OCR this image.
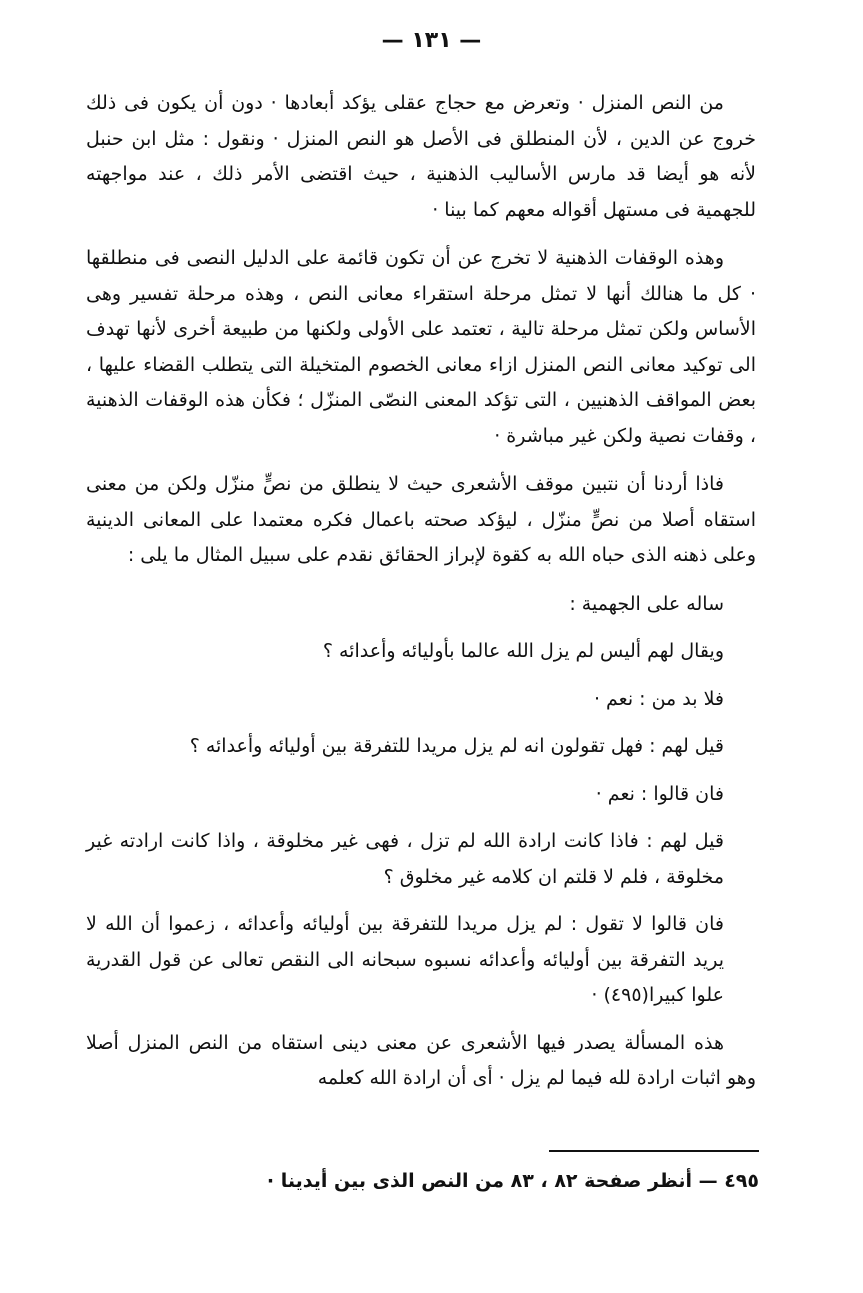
— ١٣١ —

من النص المنزل · وتعرض مع حجاج عقلى يؤكد أبعادها · دون أن يكون فى ذلك خروج عن الدين ، لأن المنطلق فى الأصل هو النص المنزل · ونقول : مثل ابن حنبل لأنه هو أيضا قد مارس الأساليب الذهنية ، حيث اقتضى الأمر ذلك ، عند مواجهته للجهمية فى مستهل أقواله معهم كما بينا ·

وهذه الوقفات الذهنية لا تخرج عن أن تكون قائمة على الدليل النصى فى منطلقها · كل ما هنالك أنها لا تمثل مرحلة استقراء معانى النص ، وهذه مرحلة تفسير وهى الأساس ولكن تمثل مرحلة تالية ، تعتمد على الأولى ولكنها من طبيعة أخرى لأنها تهدف الى توكيد معانى النص المنزل ازاء معانى الخصوم المتخيلة التى يتطلب القضاء عليها ، بعض المواقف الذهنيين ، التى تؤكد المعنى النصّى المنزّل ؛ فكأن هذه الوقفات الذهنية ، وقفات نصية ولكن غير مباشرة ·

فاذا أردنا أن نتبين موقف الأشعرى حيث لا ينطلق من نصٍّ منزّل ولكن من معنى استقاه أصلا من نصٍّ منزّل ، ليؤكد صحته باعمال فكره معتمدا على المعانى الدينية وعلى ذهنه الذى حباه الله به كقوة لإبراز الحقائق نقدم على سبيل المثال ما يلى :

ساله على الجهمية :

ويقال لهم أليس لم يزل الله عالما بأوليائه وأعدائه ؟

فلا بد من : نعم ·

قيل لهم : فهل تقولون انه لم يزل مريدا للتفرقة بين أوليائه وأعدائه ؟

فان قالوا : نعم ·

قيل لهم : فاذا كانت ارادة الله لم تزل ، فهى غير مخلوقة ، واذا كانت ارادته غير مخلوقة ، فلم لا قلتم ان كلامه غير مخلوق ؟

فان قالوا لا تقول : لم يزل مريدا للتفرقة بين أوليائه وأعدائه ، زعموا أن الله لا يريد التفرقة بين أوليائه وأعدائه نسبوه سبحانه الى النقص تعالى عن قول القدرية علوا كبيرا(٤٩٥) ·

هذه المسألة يصدر فيها الأشعرى عن معنى دينى استقاه من النص المنزل أصلا وهو اثبات ارادة لله فيما لم يزل · أى أن ارادة الله كعلمه

٤٩٥ — أنظر صفحة ٨٢ ، ٨٣ من النص الذى بين أيدينا ·
